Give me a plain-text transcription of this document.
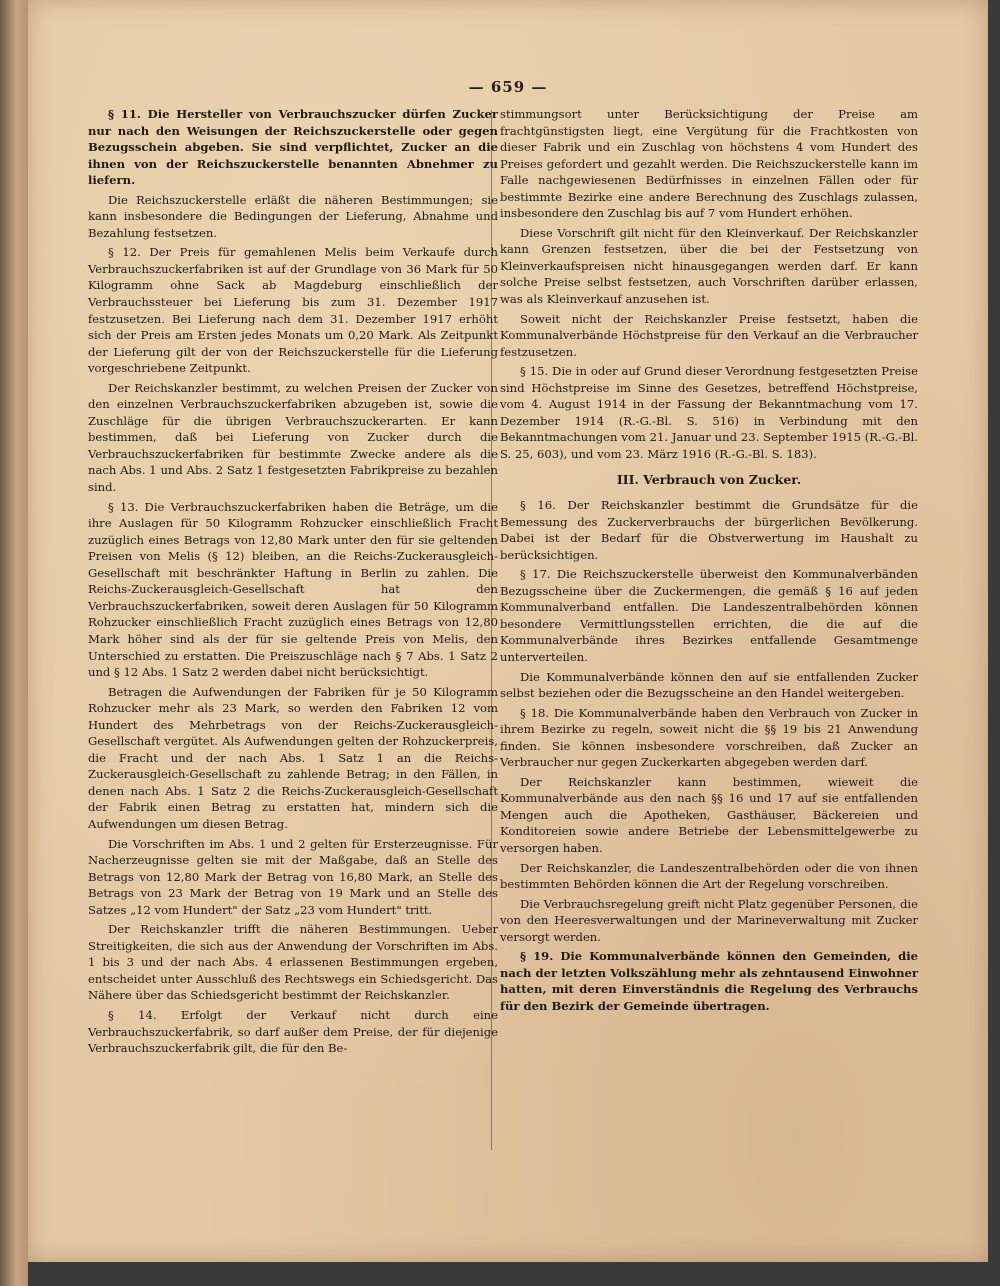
— 659 —

§ 11. Die Hersteller von Verbrauchszucker dürfen Zucker nur nach den Weisungen der Reichszuckerstelle oder gegen Bezugsschein abgeben. Sie sind verpflichtet, Zucker an die ihnen von der Reichszuckerstelle benannten Abnehmer zu liefern.

Die Reichszuckerstelle erläßt die näheren Bestimmungen; sie kann insbesondere die Bedingungen der Lieferung, Abnahme und Bezahlung festsetzen.

§ 12. Der Preis für gemahlenen Melis beim Verkaufe durch Verbrauchszuckerfabriken ist auf der Grundlage von 36 Mark für 50 Kilogramm ohne Sack ab Magdeburg einschließlich der Verbrauchssteuer bei Lieferung bis zum 31. Dezember 1917 festzusetzen. Bei Lieferung nach dem 31. Dezember 1917 erhöht sich der Preis am Ersten jedes Monats um 0,20 Mark. Als Zeitpunkt der Lieferung gilt der von der Reichszuckerstelle für die Lieferung vorgeschriebene Zeitpunkt.

Der Reichskanzler bestimmt, zu welchen Preisen der Zucker von den einzelnen Verbrauchszuckerfabriken abzugeben ist, sowie die Zuschläge für die übrigen Verbrauchszuckerarten. Er kann bestimmen, daß bei Lieferung von Zucker durch die Verbrauchszuckerfabriken für bestimmte Zwecke andere als die nach Abs. 1 und Abs. 2 Satz 1 festgesetzten Fabrikpreise zu bezahlen sind.

§ 13. Die Verbrauchszuckerfabriken haben die Beträge, um die ihre Auslagen für 50 Kilogramm Rohzucker einschließlich Fracht zuzüglich eines Betrags von 12,80 Mark unter den für sie geltenden Preisen von Melis (§ 12) bleiben, an die Reichs-Zuckerausgleich-Gesellschaft mit beschränkter Haftung in Berlin zu zahlen. Die Reichs-Zuckerausgleich-Gesellschaft hat den Verbrauchszuckerfabriken, soweit deren Auslagen für 50 Kilogramm Rohzucker einschließlich Fracht zuzüglich eines Betrags von 12,80 Mark höher sind als der für sie geltende Preis von Melis, den Unterschied zu erstatten. Die Preiszuschläge nach § 7 Abs. 1 Satz 2 und § 12 Abs. 1 Satz 2 werden dabei nicht berücksichtigt.

Betragen die Aufwendungen der Fabriken für je 50 Kilogramm Rohzucker mehr als 23 Mark, so werden den Fabriken 12 vom Hundert des Mehrbetrags von der Reichs-Zuckerausgleich-Gesellschaft vergütet. Als Aufwendungen gelten der Rohzuckerpreis, die Fracht und der nach Abs. 1 Satz 1 an die Reichs-Zuckerausgleich-Gesellschaft zu zahlende Betrag; in den Fällen, in denen nach Abs. 1 Satz 2 die Reichs-Zuckerausgleich-Gesellschaft der Fabrik einen Betrag zu erstatten hat, mindern sich die Aufwendungen um diesen Betrag.

Die Vorschriften im Abs. 1 und 2 gelten für Ersterzeugnisse. Für Nacherzeugnisse gelten sie mit der Maßgabe, daß an Stelle des Betrags von 12,80 Mark der Betrag von 16,80 Mark, an Stelle des Betrags von 23 Mark der Betrag von 19 Mark und an Stelle des Satzes „12 vom Hundert" der Satz „23 vom Hundert" tritt.

Der Reichskanzler trifft die näheren Bestimmungen. Ueber Streitigkeiten, die sich aus der Anwendung der Vorschriften im Abs. 1 bis 3 und der nach Abs. 4 erlassenen Bestimmungen ergeben, entscheidet unter Ausschluß des Rechtswegs ein Schiedsgericht. Das Nähere über das Schiedsgericht bestimmt der Reichskanzler.

§ 14. Erfolgt der Verkauf nicht durch eine Verbrauchszuckerfabrik, so darf außer dem Preise, der für diejenige Verbrauchszuckerfabrik gilt, die für den Be-

stimmungsort unter Berücksichtigung der Preise am frachtgünstigsten liegt, eine Vergütung für die Frachtkosten von dieser Fabrik und ein Zuschlag von höchstens 4 vom Hundert des Preises gefordert und gezahlt werden. Die Reichszuckerstelle kann im Falle nachgewiesenen Bedürfnisses in einzelnen Fällen oder für bestimmte Bezirke eine andere Berechnung des Zuschlags zulassen, insbesondere den Zuschlag bis auf 7 vom Hundert erhöhen.

Diese Vorschrift gilt nicht für den Kleinverkauf. Der Reichskanzler kann Grenzen festsetzen, über die bei der Festsetzung von Kleinverkaufspreisen nicht hinausgegangen werden darf. Er kann solche Preise selbst festsetzen, auch Vorschriften darüber erlassen, was als Kleinverkauf anzusehen ist.

Soweit nicht der Reichskanzler Preise festsetzt, haben die Kommunalverbände Höchstpreise für den Verkauf an die Verbraucher festzusetzen.

§ 15. Die in oder auf Grund dieser Verordnung festgesetzten Preise sind Höchstpreise im Sinne des Gesetzes, betreffend Höchstpreise, vom 4. August 1914 in der Fassung der Bekanntmachung vom 17. Dezember 1914 (R.-G.-Bl. S. 516) in Verbindung mit den Bekanntmachungen vom 21. Januar und 23. September 1915 (R.-G.-Bl. S. 25, 603), und vom 23. März 1916 (R.-G.-Bl. S. 183).

III. Verbrauch von Zucker.

§ 16. Der Reichskanzler bestimmt die Grundsätze für die Bemessung des Zuckerverbrauchs der bürgerlichen Bevölkerung. Dabei ist der Bedarf für die Obstverwertung im Haushalt zu berücksichtigen.

§ 17. Die Reichszuckerstelle überweist den Kommunalverbänden Bezugsscheine über die Zuckermengen, die gemäß § 16 auf jeden Kommunalverband entfallen. Die Landeszentralbehörden können besondere Vermittlungsstellen errichten, die die auf die Kommunalverbände ihres Bezirkes entfallende Gesamtmenge unterverteilen.

Die Kommunalverbände können den auf sie entfallenden Zucker selbst beziehen oder die Bezugsscheine an den Handel weitergeben.

§ 18. Die Kommunalverbände haben den Verbrauch von Zucker in ihrem Bezirke zu regeln, soweit nicht die §§ 19 bis 21 Anwendung finden. Sie können insbesondere vorschreiben, daß Zucker an Verbraucher nur gegen Zuckerkarten abgegeben werden darf.

Der Reichskanzler kann bestimmen, wieweit die Kommunalverbände aus den nach §§ 16 und 17 auf sie entfallenden Mengen auch die Apotheken, Gasthäuser, Bäckereien und Konditoreien sowie andere Betriebe der Lebensmittelgewerbe zu versorgen haben.

Der Reichskanzler, die Landeszentralbehörden oder die von ihnen bestimmten Behörden können die Art der Regelung vorschreiben.

Die Verbrauchsregelung greift nicht Platz gegenüber Personen, die von den Heeresverwaltungen und der Marineverwaltung mit Zucker versorgt werden.

§ 19. Die Kommunalverbände können den Gemeinden, die nach der letzten Volkszählung mehr als zehntausend Einwohner hatten, mit deren Einverständnis die Regelung des Verbrauchs für den Bezirk der Gemeinde übertragen.
